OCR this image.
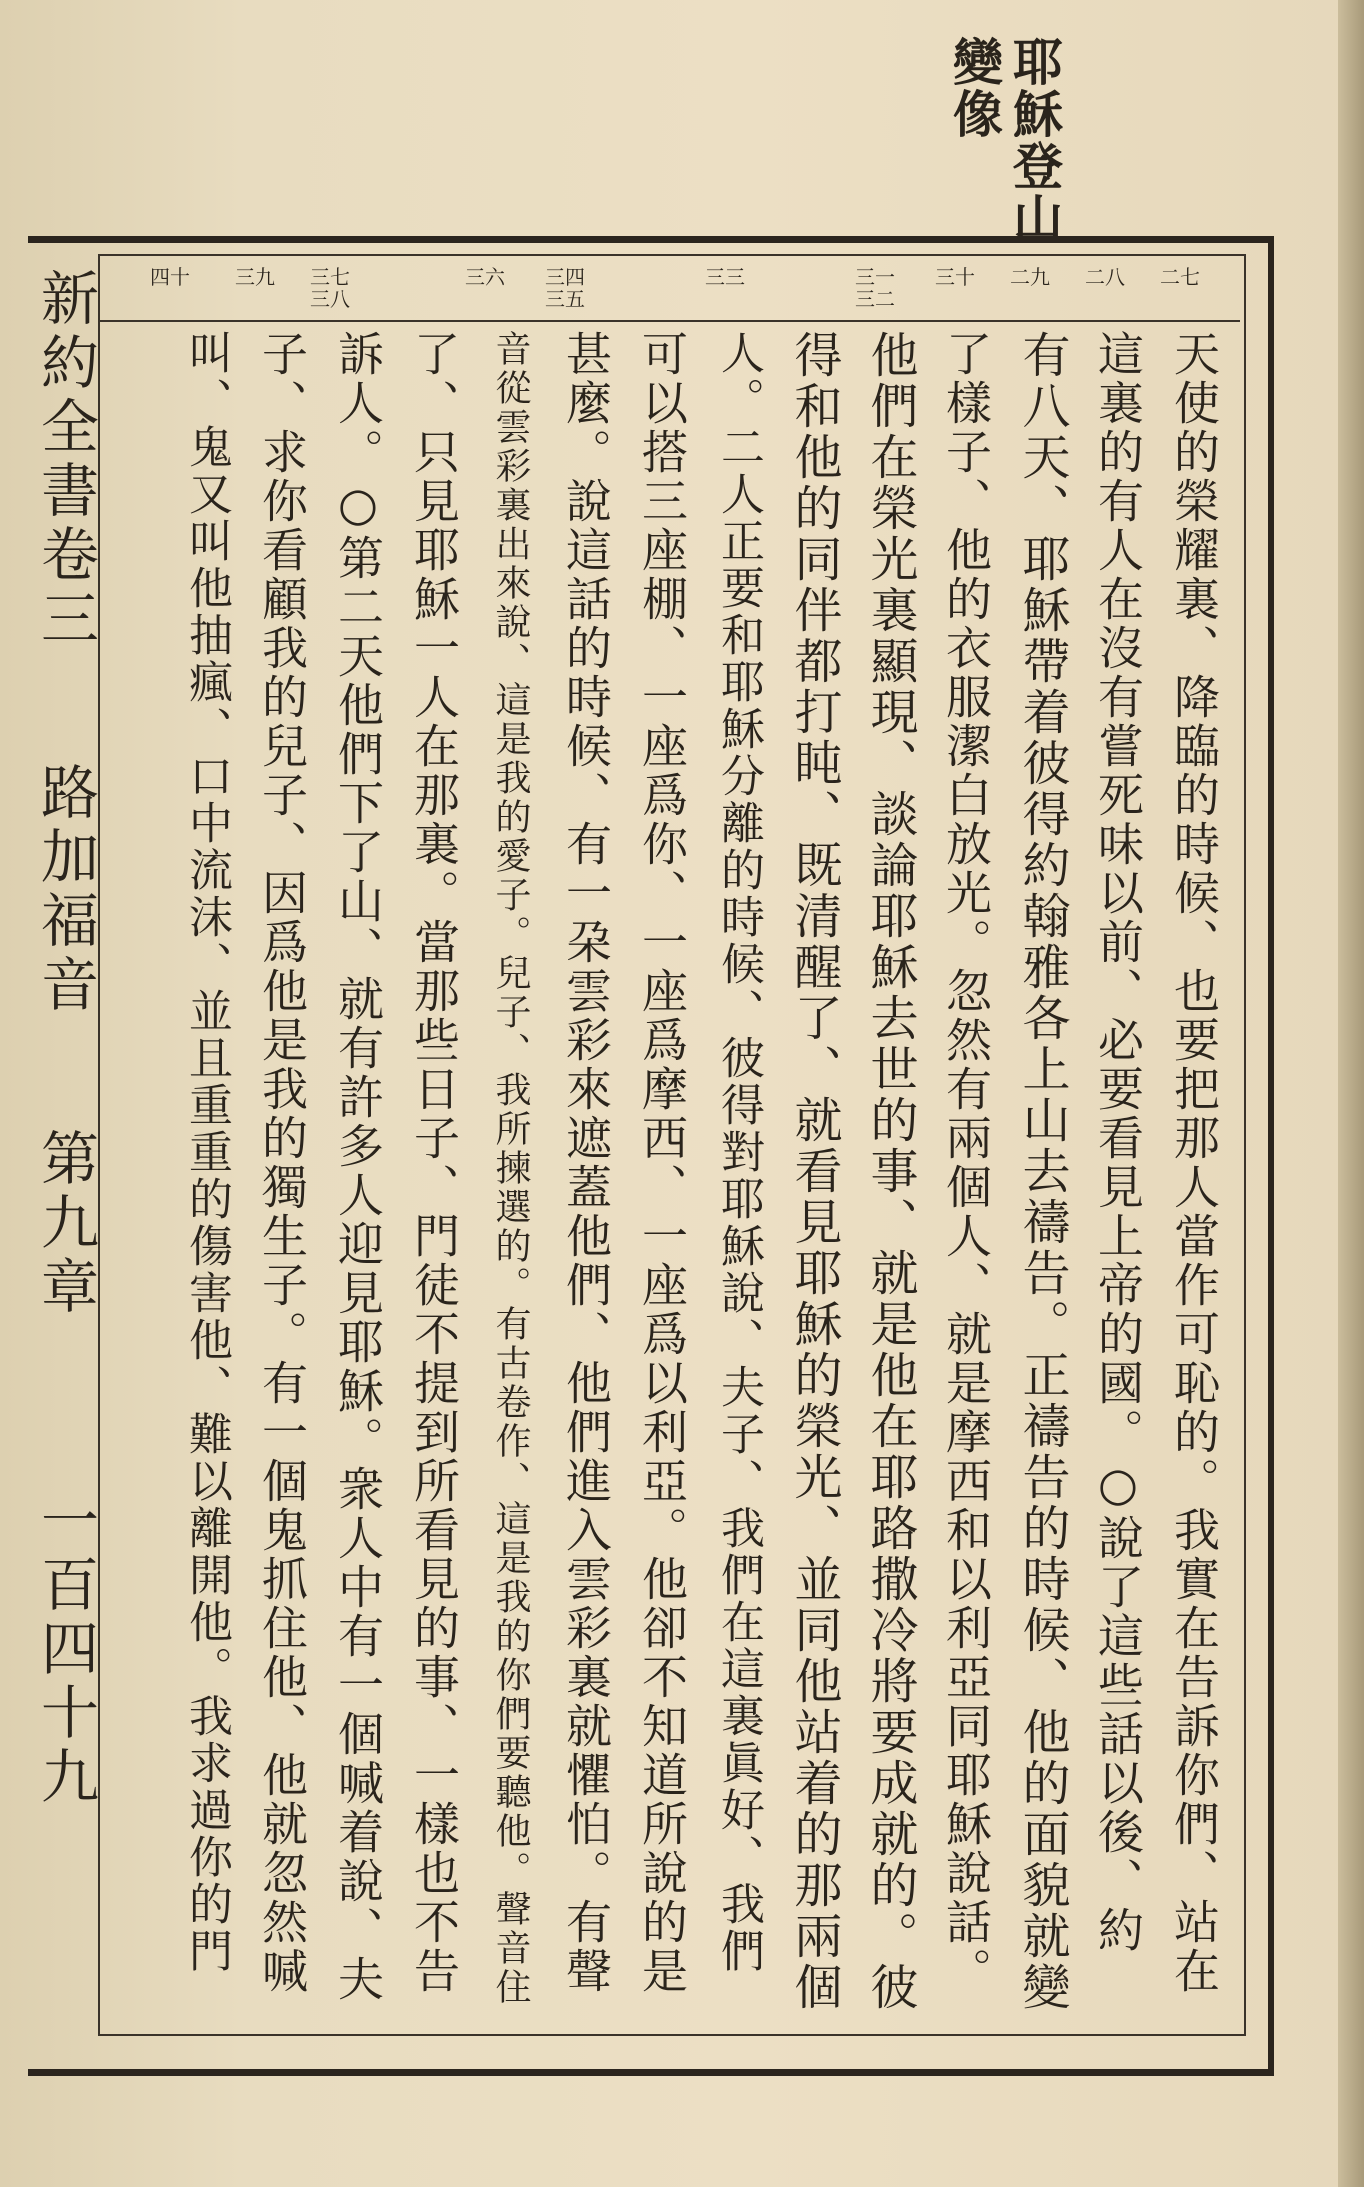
耶穌登山
變像
新約全書卷三路加福音第九章一百四十九
二七
二八
二九
三十
三一
三二
三三
三四
三五
三六
三七
三八
三九
四十
天使的榮耀裏、降臨的時候、也要把那人當作可恥的。我實在告訴你們、站在
這裏的有人在沒有嘗死味以前、必要看見上帝的國。○說了這些話以後、約
有八天、耶穌帶着彼得約翰雅各上山去禱告。正禱告的時候、他的面貌就變
了樣子、他的衣服潔白放光。忽然有兩個人、就是摩西和以利亞同耶穌說話。
他們在榮光裏顯現、談論耶穌去世的事、就是他在耶路撒冷將要成就的。彼
得和他的同伴都打盹、既清醒了、就看見耶穌的榮光、並同他站着的那兩個
人。二人正要和耶穌分離的時候、彼得對耶穌說、夫子、我們在這裏眞好、我們
可以搭三座棚、一座爲你、一座爲摩西、一座爲以利亞。他卻不知道所說的是
甚麼。說這話的時候、有一朶雲彩來遮蓋他們、他們進入雲彩裏就懼怕。有聲
音從雲彩裏出來說、這是我的愛子。兒子、我所揀選的。有古卷作、這是我的你們要聽他。聲音住
了、只見耶穌一人在那裏。當那些日子、門徒不提到所看見的事、一樣也不告
訴人。○第二天他們下了山、就有許多人迎見耶穌。衆人中有一個喊着說、夫
子、求你看顧我的兒子、因爲他是我的獨生子。有一個鬼抓住他、他就忽然喊
叫、鬼又叫他抽瘋、口中流沫、並且重重的傷害他、難以離開他。我求過你的門
